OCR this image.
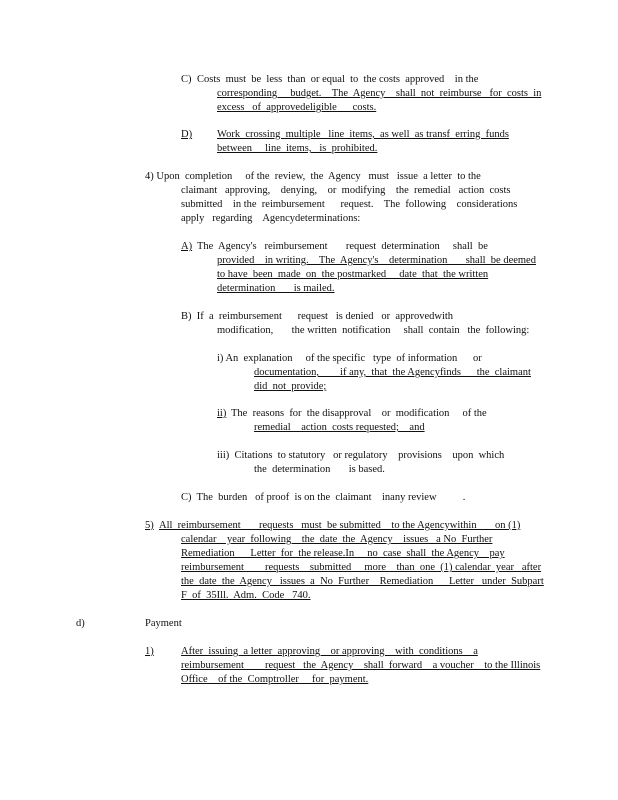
C) Costs  must  be  less  than  or equal  to  the costs  approved    in the
corresponding     budget.    The  Agency    shall  not  reimburse   for  costs  in
excess   of  approvedeligible      costs.
D) Work  crossing  multiple   line  items,  as well  as transf  erring  funds
between     line  items,   is  prohibited.
4) Upon  completion     of the  review,  the  Agency   must   issue  a letter  to the
claimant   approving,    denying,    or  modifying    the  remedial   action  costs
submitted    in the  reimbursement      request.    The  following    considerations
apply   regarding    Agencydeterminations:
A) The  Agency's   reimbursement       request  determination     shall  be
provided    in writing.    The  Agency's    determination       shall  be deemed
to have  been  made  on  the postmarked     date  that  the written
determination       is mailed.
B)  If  a  reimbursement      request   is denied   or  approvedwith
modification,       the written  notification     shall  contain   the  following:
i) An  explanation     of the specific   type  of information      or
documentation,        if any,  that  the Agencyfinds      the  claimant
did  not  provide;
ii) The  reasons  for  the disapproval    or  modification     of the
remedial    action  costs requested;    and
iii)  Citations  to statutory   or regulatory    provisions    upon  which
the  determination       is based.
C)  The  burden   of proof  is on the  claimant    inany review          .
5) All  reimbursement       requests   must  be submitted    to the Agencywithin       on (1)
calendar    year  following    the  date  the  Agency    issues   a No  Further
Remediation      Letter  for  the release.In     no  case  shall  the Agency    pay
reimbursement        requests    submitted     more    than  one  (1) calendar  year   after
the  date  the  Agency   issues  a  No  Further    Remediation      Letter   under  Subpart
F  of  35Ill.  Adm.  Code   740.
d)	Payment
1)	After  issuing  a letter  approving    or approving    with  conditions    a
reimbursement        request   the  Agency    shall  forward    a voucher    to the Illinois
Office    of the  Comptroller     for  payment.
